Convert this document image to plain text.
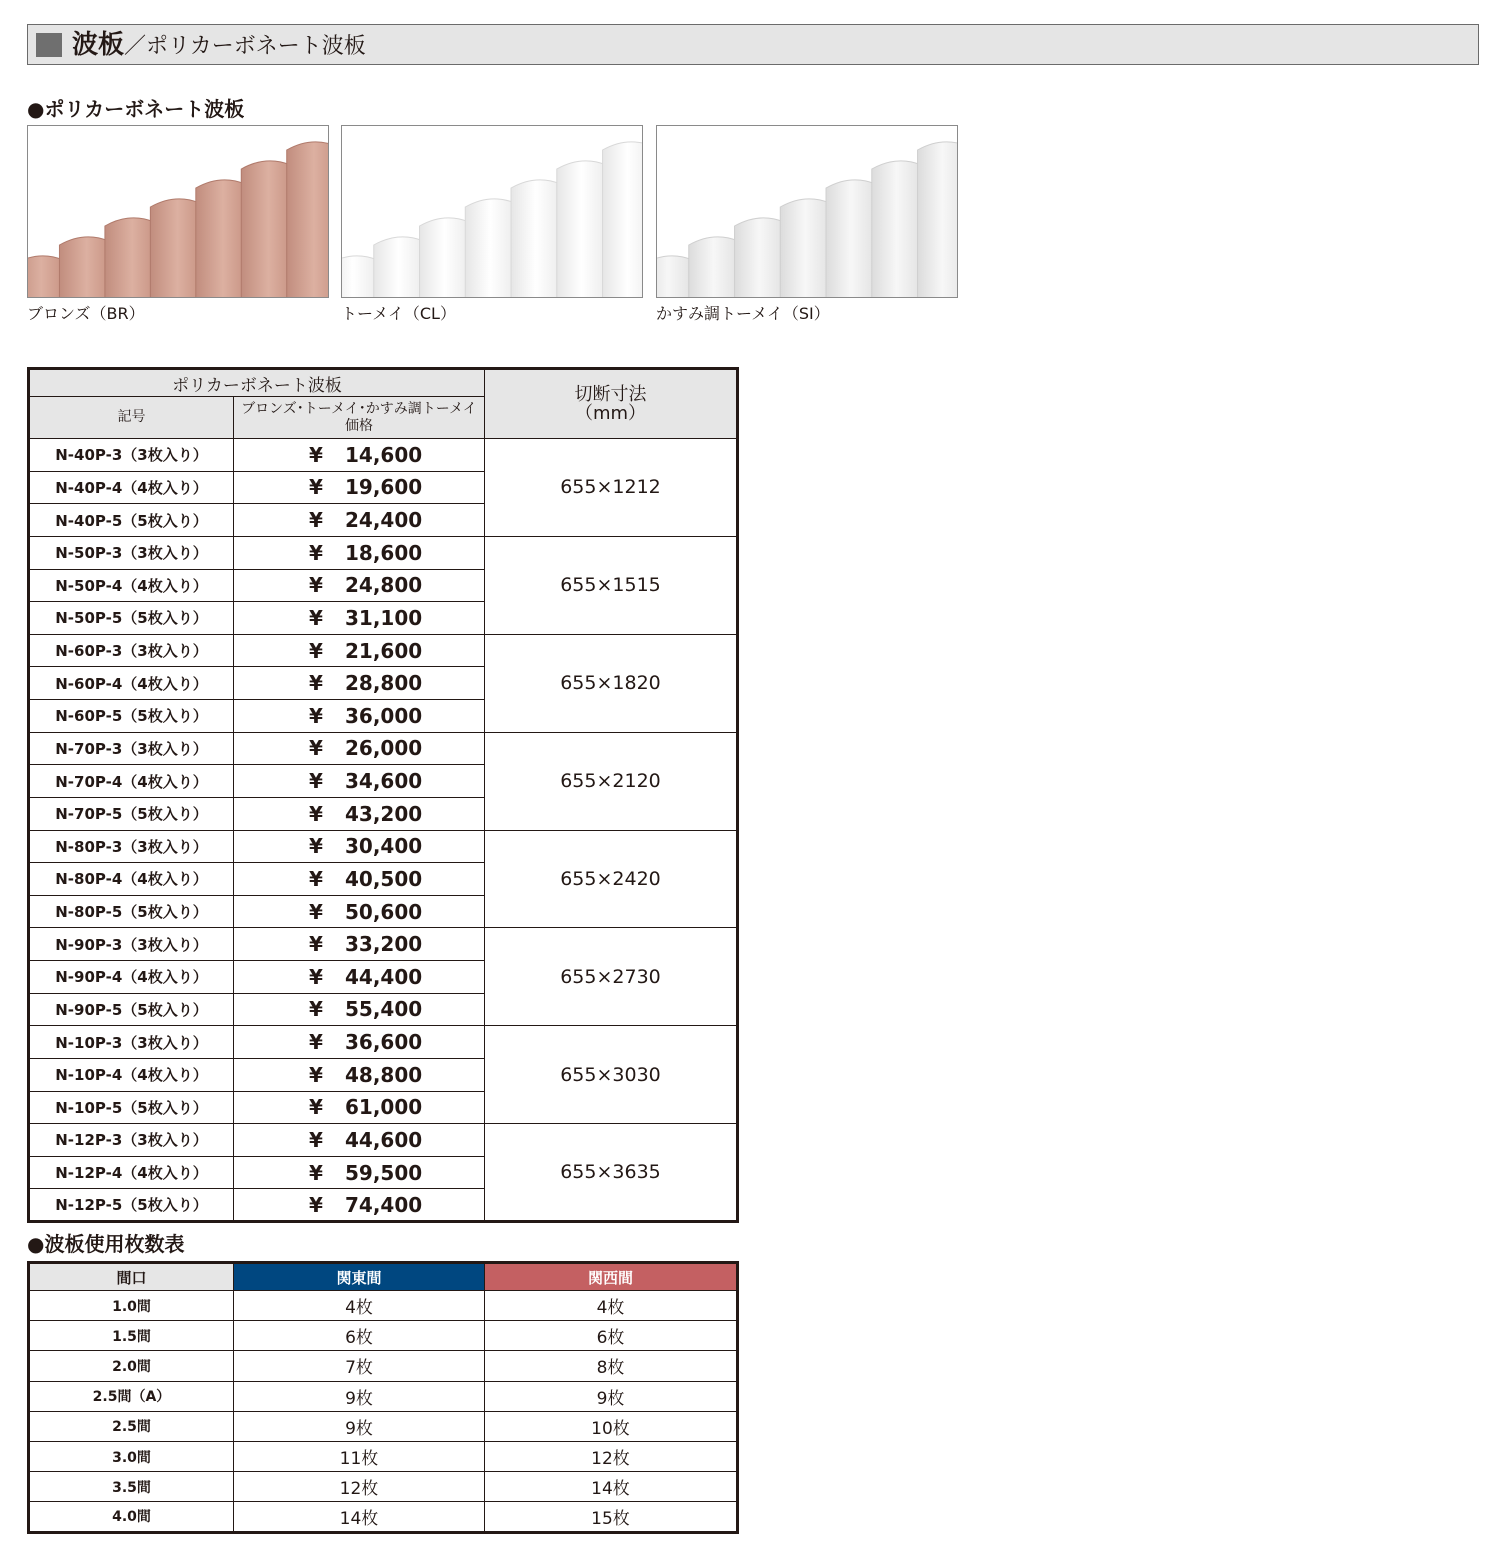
波板／ポリカーボネート波板
●ポリカーボネート波板
ブロンズ（BR）	トーメイ（CL）	かすみ調トーメイ（SI）
ポリカーボネート波板		切断寸法
（mm）
記号	ブロンズ･トーメイ･かすみ調トーメイ
価格	
N-40P-3（3枚入り）	¥ 14,600	655×1212
N-40P-4（4枚入り）	¥ 19,600	
N-40P-5（5枚入り）	¥ 24,400	
N-50P-3（3枚入り）	¥ 18,600	655×1515
N-50P-4（4枚入り）	¥ 24,800	
N-50P-5（5枚入り）	¥ 31,100	
N-60P-3（3枚入り）	¥ 21,600	655×1820
N-60P-4（4枚入り）	¥ 28,800	
N-60P-5（5枚入り）	¥ 36,000	
N-70P-3（3枚入り）	¥ 26,000	655×2120
N-70P-4（4枚入り）	¥ 34,600	
N-70P-5（5枚入り）	¥ 43,200	
N-80P-3（3枚入り）	¥ 30,400	655×2420
N-80P-4（4枚入り）	¥ 40,500	
N-80P-5（5枚入り）	¥ 50,600	
N-90P-3（3枚入り）	¥ 33,200	655×2730
N-90P-4（4枚入り）	¥ 44,400	
N-90P-5（5枚入り）	¥ 55,400	
N-10P-3（3枚入り）	¥ 36,600	655×3030
N-10P-4（4枚入り）	¥ 48,800	
N-10P-5（5枚入り）	¥ 61,000	
N-12P-3（3枚入り）	¥ 44,600	655×3635
N-12P-4（4枚入り）	¥ 59,500	
N-12P-5（5枚入り）	¥ 74,400	
●波板使用枚数表
間口	関東間	関西間
1.0間	4枚	4枚
1.5間	6枚	6枚
2.0間	7枚	8枚
2.5間（A）	9枚	9枚
2.5間	9枚	10枚
3.0間	11枚	12枚
3.5間	12枚	14枚
4.0間	14枚	15枚
